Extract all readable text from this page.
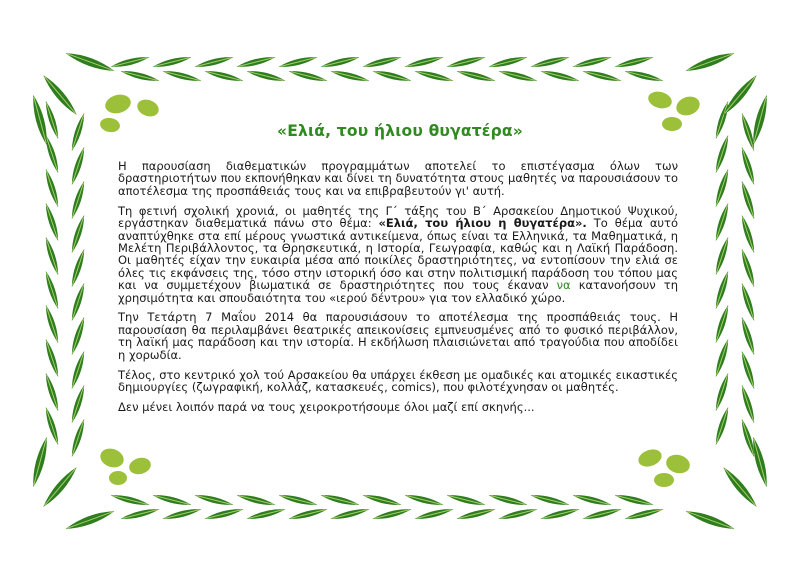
«Ελιά, του ήλιου θυγατέρα»

Η παρουσίαση διαθεματικών προγραμμάτων αποτελεί το επιστέγασμα όλων των δραστηριοτήτων που εκπονήθηκαν και δίνει τη δυνατότητα στους μαθητές να παρουσιάσουν το αποτέλεσμα της προσπάθειάς τους και να επιβραβευτούν γι' αυτή.

Τη φετινή σχολική χρονιά, οι μαθητές της Γ΄ τάξης του Β΄ Αρσακείου Δημοτικού Ψυχικού, εργάστηκαν διαθεματικά πάνω στο θέμα: «Ελιά, του ήλιου η θυγατέρα». Το θέμα αυτό αναπτύχθηκε στα επί μέρους γνωστικά αντικείμενα, όπως είναι τα Ελληνικά, τα Μαθηματικά, η Μελέτη Περιβάλλοντος, τα Θρησκευτικά, η Ιστορία, Γεωγραφία, καθώς και η Λαϊκή Παράδοση. Οι μαθητές είχαν την ευκαιρία μέσα από ποικίλες δραστηριότητες, να εντοπίσουν την ελιά σε όλες τις εκφάνσεις της, τόσο στην ιστορική όσο και στην πολιτισμική παράδοση του τόπου μας και να συμμετέχουν βιωματικά σε δραστηριότητες που τους έκαναν να κατανοήσουν τη χρησιμότητα και σπουδαιότητα του «ιερού δέντρου» για τον ελλαδικό χώρο.

Την Τετάρτη 7 Μαΐου 2014 θα παρουσιάσουν το αποτέλεσμα της προσπάθειάς τους. Η παρουσίαση θα περιλαμβάνει θεατρικές απεικονίσεις εμπνευσμένες από το φυσικό περιβάλλον, τη λαϊκή μας παράδοση και την ιστορία. Η εκδήλωση πλαισιώνεται από τραγούδια που αποδίδει η χορωδία.

Τέλος, στο κεντρικό χολ τού Αρσακείου θα υπάρχει έκθεση με ομαδικές και ατομικές εικαστικές δημιουργίες (ζωγραφική, κολλάζ, κατασκευές, comics), που φιλοτέχνησαν οι μαθητές.

Δεν μένει λοιπόν παρά να τους χειροκροτήσουμε όλοι μαζί επί σκηνής...
